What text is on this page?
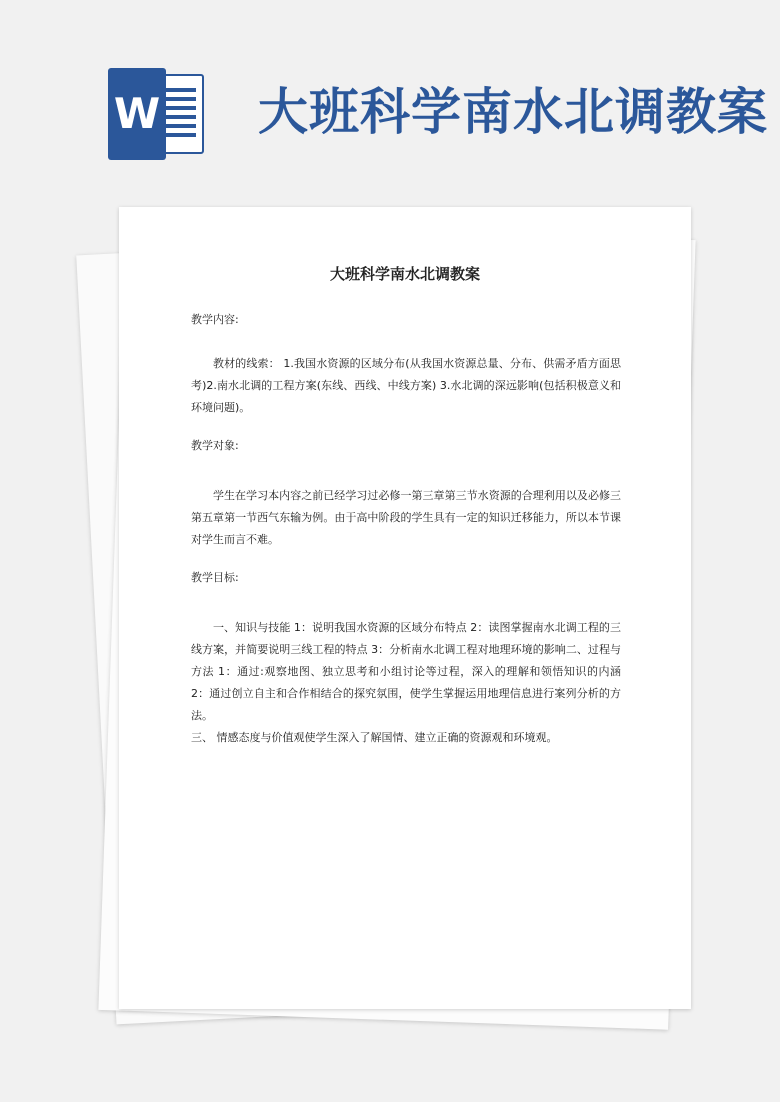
W 大班科学南水北调教案
大班科学南水北调教案

教学内容:

教材的线索： 1.我国水资源的区域分布(从我国水资源总量、分布、供需矛盾方面思考)2.南水北调的工程方案(东线、西线、中线方案) 3.水北调的深远影响(包括积极意义和环境问题)。

教学对象:

学生在学习本内容之前已经学习过必修一第三章第三节水资源的合理利用以及必修三第五章第一节西气东输为例。由于高中阶段的学生具有一定的知识迁移能力，所以本节课对学生而言不难。

教学目标:

一、知识与技能 1：说明我国水资源的区域分布特点 2：读图掌握南水北调工程的三线方案，并简要说明三线工程的特点 3：分析南水北调工程对地理环境的影响二、过程与方法 1：通过:观察地图、独立思考和小组讨论等过程，深入的理解和领悟知识的内涵 2：通过创立自主和合作相结合的探究氛围，使学生掌握运用地理信息进行案列分析的方法。

三、 情感态度与价值观使学生深入了解国情、建立正确的资源观和环境观。
